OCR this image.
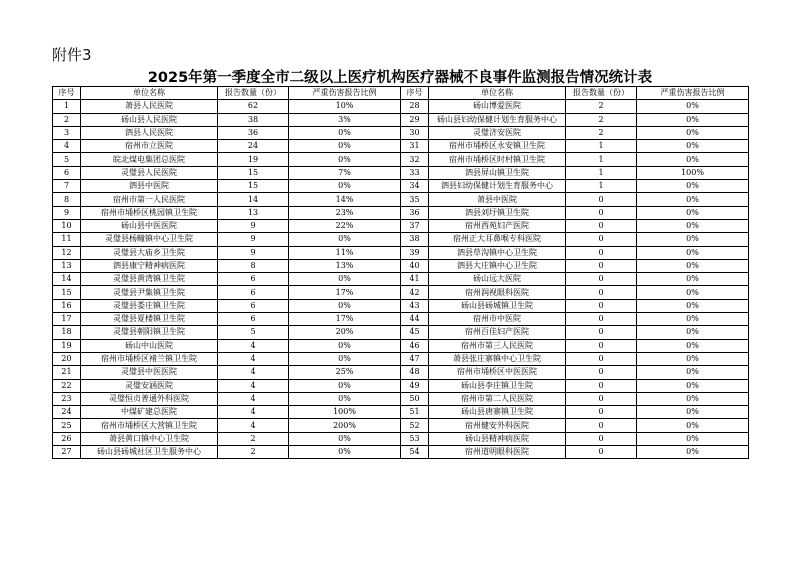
附件3
2025年第一季度全市二级以上医疗机构医疗器械不良事件监测报告情况统计表
序号	单位名称	报告数量（份）	严重伤害报告比例	序号	单位名称	报告数量（份）	严重伤害报告比例
1	萧县人民医院	62	10%	28	砀山博爱医院	2	0%
2	砀山县人民医院	38	3%	29	砀山县妇幼保健计划生育服务中心	2	0%
3	泗县人民医院	36	0%	30	灵璧济安医院	2	0%
4	宿州市立医院	24	0%	31	宿州市埇桥区永安镇卫生院	1	0%
5	皖北煤电集团总医院	19	0%	32	宿州市埇桥区时村镇卫生院	1	0%
6	灵璧县人民医院	15	7%	33	泗县屏山镇卫生院	1	100%
7	泗县中医院	15	0%	34	泗县妇幼保健计划生育服务中心	1	0%
8	宿州市第一人民医院	14	14%	35	萧县中医院	0	0%
9	宿州市埇桥区桃园镇卫生院	13	23%	36	泗县刘圩镇卫生院	0	0%
10	砀山县中医医院	9	22%	37	宿州西苑妇产医院	0	0%
11	灵璧县杨疃镇中心卫生院	9	0%	38	宿州正大耳鼻喉专科医院	0	0%
12	灵璧县大庙乡卫生院	9	11%	39	泗县草沟镇中心卫生院	0	0%
13	泗县康宁精神病医院	8	13%	40	泗县大庄镇中心卫生院	0	0%
14	灵璧县黄湾镇卫生院	6	0%	41	砀山远大医院	0	0%
15	灵璧县尹集镇卫生院	6	17%	42	宿州润视眼科医院	0	0%
16	灵璧县娄庄镇卫生院	6	0%	43	砀山县砀城镇卫生院	0	0%
17	灵璧县夏楼镇卫生院	6	17%	44	宿州市中医院	0	0%
18	灵璧县朝阳镇卫生院	5	20%	45	宿州百佳妇产医院	0	0%
19	砀山中山医院	4	0%	46	宿州市第三人民医院	0	0%
20	宿州市埇桥区褚兰镇卫生院	4	0%	47	萧县张庄寨镇中心卫生院	0	0%
21	灵璧县中医医院	4	25%	48	宿州市埇桥区中医医院	0	0%
22	灵璧安涵医院	4	0%	49	砀山县李庄镇卫生院	0	0%
23	灵璧恒贞普通外科医院	4	0%	50	宿州市第二人民医院	0	0%
24	中煤矿建总医院	4	100%	51	砀山县唐寨镇卫生院	0	0%
25	宿州市埇桥区大营镇卫生院	4	200%	52	宿州健安外科医院	0	0%
26	萧县黄口镇中心卫生院	2	0%	53	砀山县精神病医院	0	0%
27	砀山县砀城社区卫生服务中心	2	0%	54	宿州道明眼科医院	0	0%
